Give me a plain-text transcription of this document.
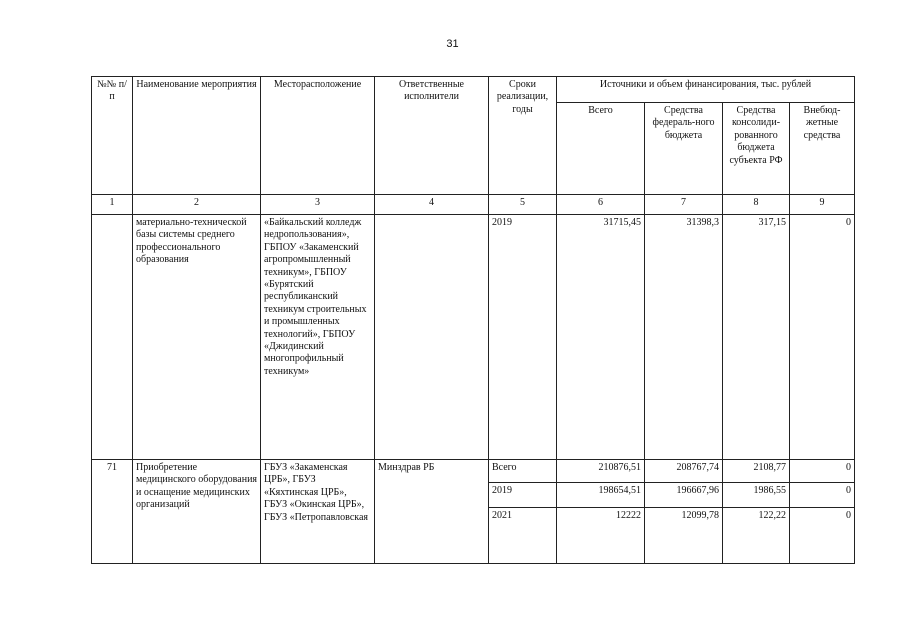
31
№№ п/п	Наименование мероприятия	Месторасположение	Ответственные исполнители	Сроки реализации, годы	Источники и объем финансирования, тыс. рублей			
					Всего	Средства федераль-ного бюджета	Средства консолиди-рованного бюджета субъекта РФ	Внебюд-жетные средства
1	2	3	4	5	6	7	8	9
	материально-технической базы системы среднего профессионального образования	«Байкальский колледж недропользования», ГБПОУ «Закаменский агропромышленный техникум», ГБПОУ «Бурятский республиканский техникум строительных и промышленных технологий», ГБПОУ «Джидинский многопрофильный техникум»		2019	31715,45	31398,3	317,15	0
71	Приобретение медицинского оборудования и оснащение медицинских организаций	ГБУЗ «Закаменская ЦРБ», ГБУЗ «Кяхтинская ЦРБ», ГБУЗ «Окинская ЦРБ», ГБУЗ «Петропавловская	Минздрав РБ	Всего	210876,51	208767,74	2108,77	0
				2019	198654,51	196667,96	1986,55	0
				2021	12222	12099,78	122,22	0
